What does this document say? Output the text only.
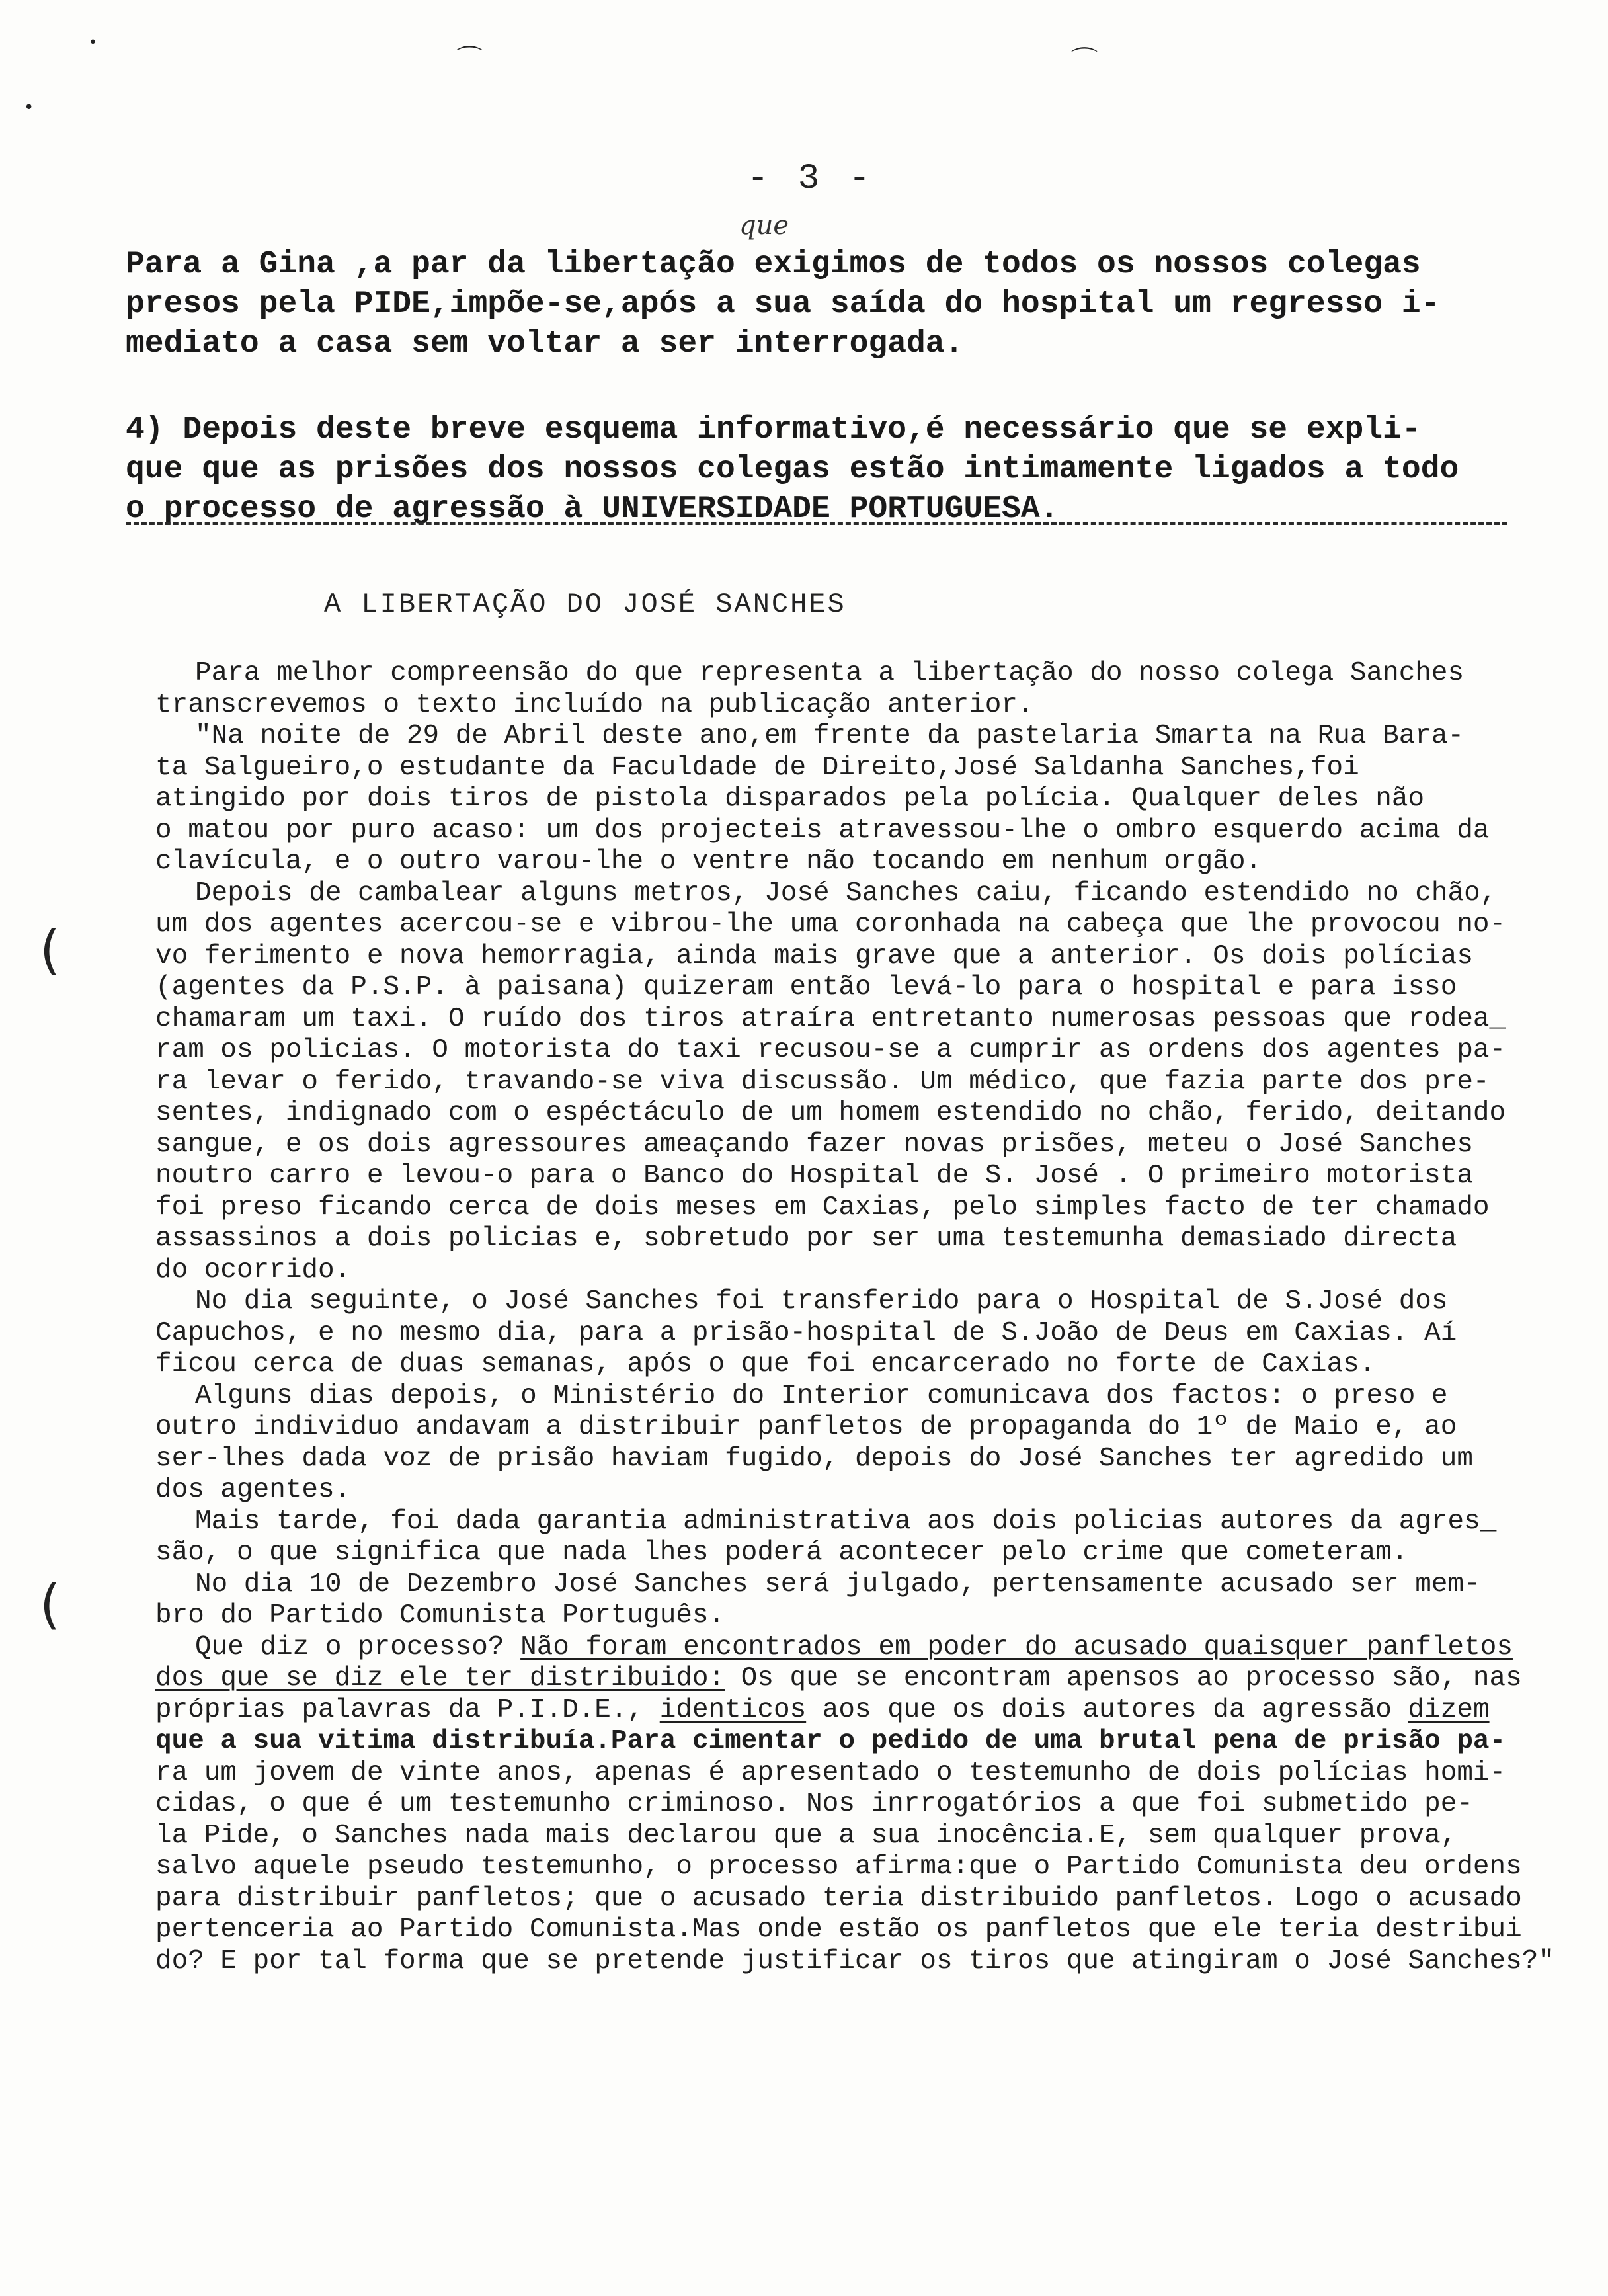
•
•
⌒	⌒
(
(
- 3 -
que

Para a Gina ,a par da libertação exigimos de todos os nossos colegas

presos pela PIDE,impõe-se,após a sua saída do hospital um regresso i-

mediato a casa sem voltar a ser interrogada.

4) Depois deste breve esquema informativo,é necessário que se expli-

que que as prisões dos nossos colegas estão intimamente ligados a todo

o processo de agressão à UNIVERSIDADE PORTUGUESA.

A LIBERTAÇÃO DO JOSÉ SANCHES

Para melhor compreensão do que representa a libertação do nosso colega Sanches

transcrevemos o texto incluído na publicação anterior.

"Na noite de 29 de Abril deste ano,em frente da pastelaria Smarta na Rua Bara-

ta Salgueiro,o estudante da Faculdade de Direito,José Saldanha Sanches,foi

atingido por dois tiros de pistola disparados pela polícia. Qualquer deles não

o matou por puro acaso: um dos projecteis atravessou-lhe o ombro esquerdo acima da

clavícula, e o outro varou-lhe o ventre não tocando em nenhum orgão.

Depois de cambalear alguns metros, José Sanches caiu, ficando estendido no chão,

um dos agentes acercou-se e vibrou-lhe uma coronhada na cabeça que lhe provocou no-

vo ferimento e nova hemorragia, ainda mais grave que a anterior. Os dois polícias

(agentes da P.S.P. à paisana) quizeram então levá-lo para o hospital e para isso

chamaram um taxi. O ruído dos tiros atraíra entretanto numerosas pessoas que rodea_

ram os policias. O motorista do taxi recusou-se a cumprir as ordens dos agentes pa-

ra levar o ferido, travando-se viva discussão. Um médico, que fazia parte dos pre-

sentes, indignado com o espéctáculo de um homem estendido no chão, ferido, deitando

sangue, e os dois agressoures ameaçando fazer novas prisões, meteu o José Sanches

noutro carro e levou-o para o Banco do Hospital de S. José . O primeiro motorista

foi preso ficando cerca de dois meses em Caxias, pelo simples facto de ter chamado

assassinos a dois policias e, sobretudo por ser uma testemunha demasiado directa

do ocorrido.

No dia seguinte, o José Sanches foi transferido para o Hospital de S.José dos

Capuchos, e no mesmo dia, para a prisão-hospital de S.João de Deus em Caxias. Aí

ficou cerca de duas semanas, após o que foi encarcerado no forte de Caxias.

Alguns dias depois, o Ministério do Interior comunicava dos factos: o preso e

outro individuo andavam a distribuir panfletos de propaganda do 1º de Maio e, ao

ser-lhes dada voz de prisão haviam fugido, depois do José Sanches ter agredido um

dos agentes.

Mais tarde, foi dada garantia administrativa aos dois policias autores da agres_

são, o que significa que nada lhes poderá acontecer pelo crime que cometeram.

No dia 10 de Dezembro José Sanches será julgado, pertensamente acusado ser mem-

bro do Partido Comunista Português.

Que diz o processo? Não foram encontrados em poder do acusado quaisquer panfletos

dos que se diz ele ter distribuido: Os que se encontram apensos ao processo são, nas

próprias palavras da P.I.D.E., identicos aos que os dois autores da agressão dizem

que a sua vitima distribuía.Para cimentar o pedido de uma brutal pena de prisão pa-

ra um jovem de vinte anos, apenas é apresentado o testemunho de dois polícias homi-

cidas, o que é um testemunho criminoso. Nos inrrogatórios a que foi submetido pe-

la Pide, o Sanches nada mais declarou que a sua inocência.E, sem qualquer prova,

salvo aquele pseudo testemunho, o processo afirma:que o Partido Comunista deu ordens

para distribuir panfletos; que o acusado teria distribuido panfletos. Logo o acusado

pertenceria ao Partido Comunista.Mas onde estão os panfletos que ele teria destribui

do? E por tal forma que se pretende justificar os tiros que atingiram o José Sanches?"
